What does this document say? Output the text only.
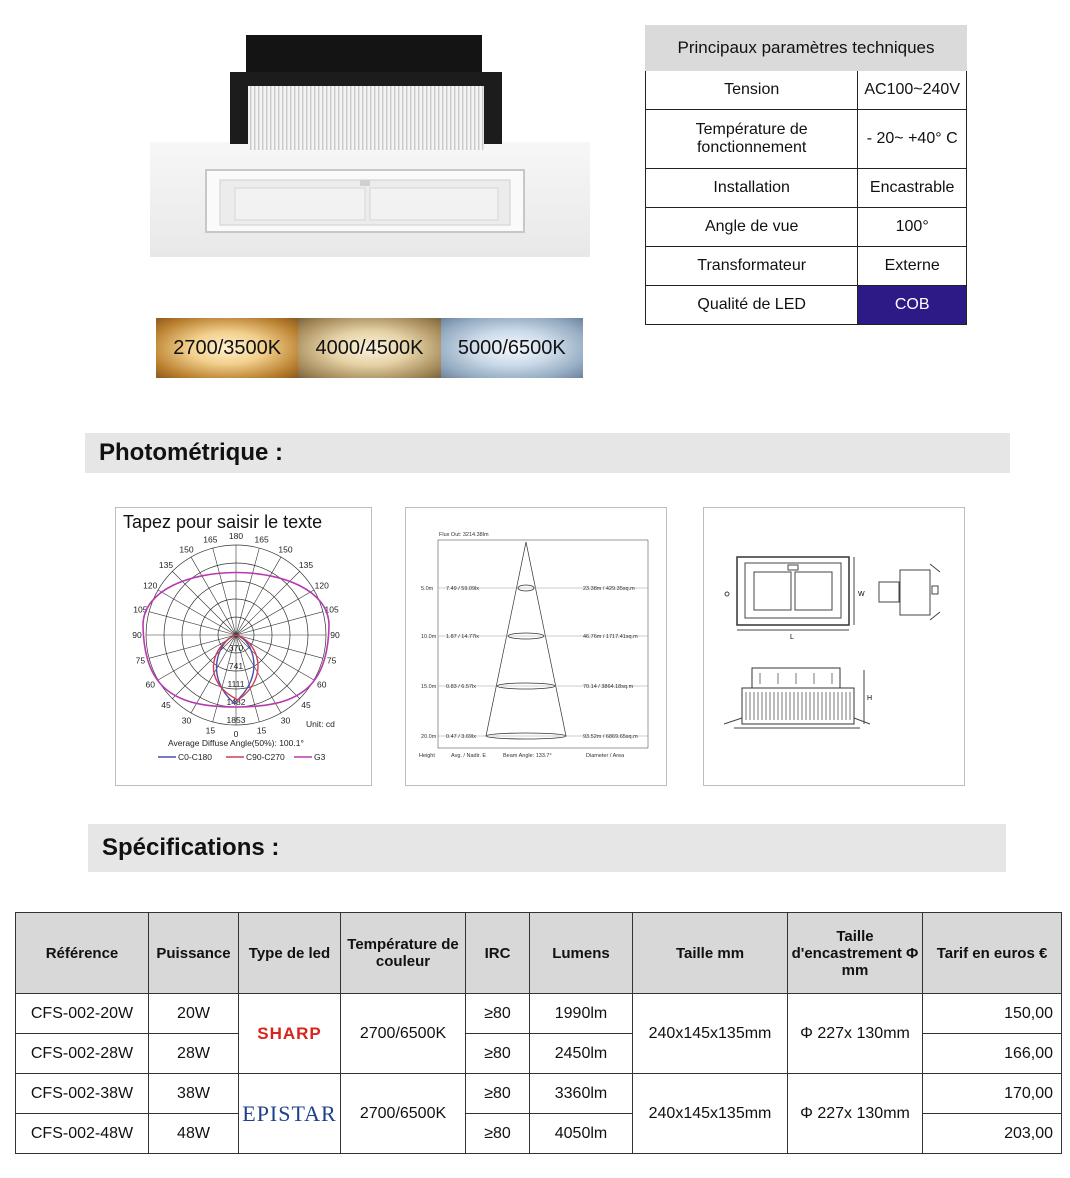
2700/3500K	4000/4500K	5000/6500K
Principaux paramètres techniques	
Tension	AC100~240V
Température de fonctionnement	- 20~ +40° C
Installation	Encastrable
Angle de vue	100°
Transformateur	Externe
Qualité de LED	COB
Photométrique :
Tapez pour saisir le texte
180
165	165
150	150
135	135
120	120
105	105
90	90
75	75
60	60
45	45
30	30
15	15
0
370
741
1111
1482
1853	Unit: cd
Average Diffuse Angle(50%): 100.1°
C0-C180	C90-C270	G3
Flux Out: 3214.38lm
5.0m 7.49 / 59.09lx	23.38m / 429.35sq.m
10.0m 1.87 / 14.77lx	46.76m / 1717.41sq.m
15.0m 0.83 / 6.57lx	70.14 / 3864.18sq.m
20.0m 0.47 / 3.69lx	93.52m / 6869.65sq.m
Height	Avg. / Nadir. E	Beam Angle: 133.7°	Diameter / Area
W
L
H
Spécifications :
Référence	Puissance	Type de led	Température de couleur	IRC	Lumens	Taille mm	Taille d'encastrement Φ mm	Tarif en euros €
CFS-002-20W	20W	SHARP	2700/6500K	≥80	1990lm	240x145x135mm	Φ 227x 130mm	150,00
CFS-002-28W	28W			≥80	2450lm			166,00
CFS-002-38W	38W	EPISTAR	2700/6500K	≥80	3360lm	240x145x135mm	Φ 227x 130mm	170,00
CFS-002-48W	48W			≥80	4050lm			203,00
